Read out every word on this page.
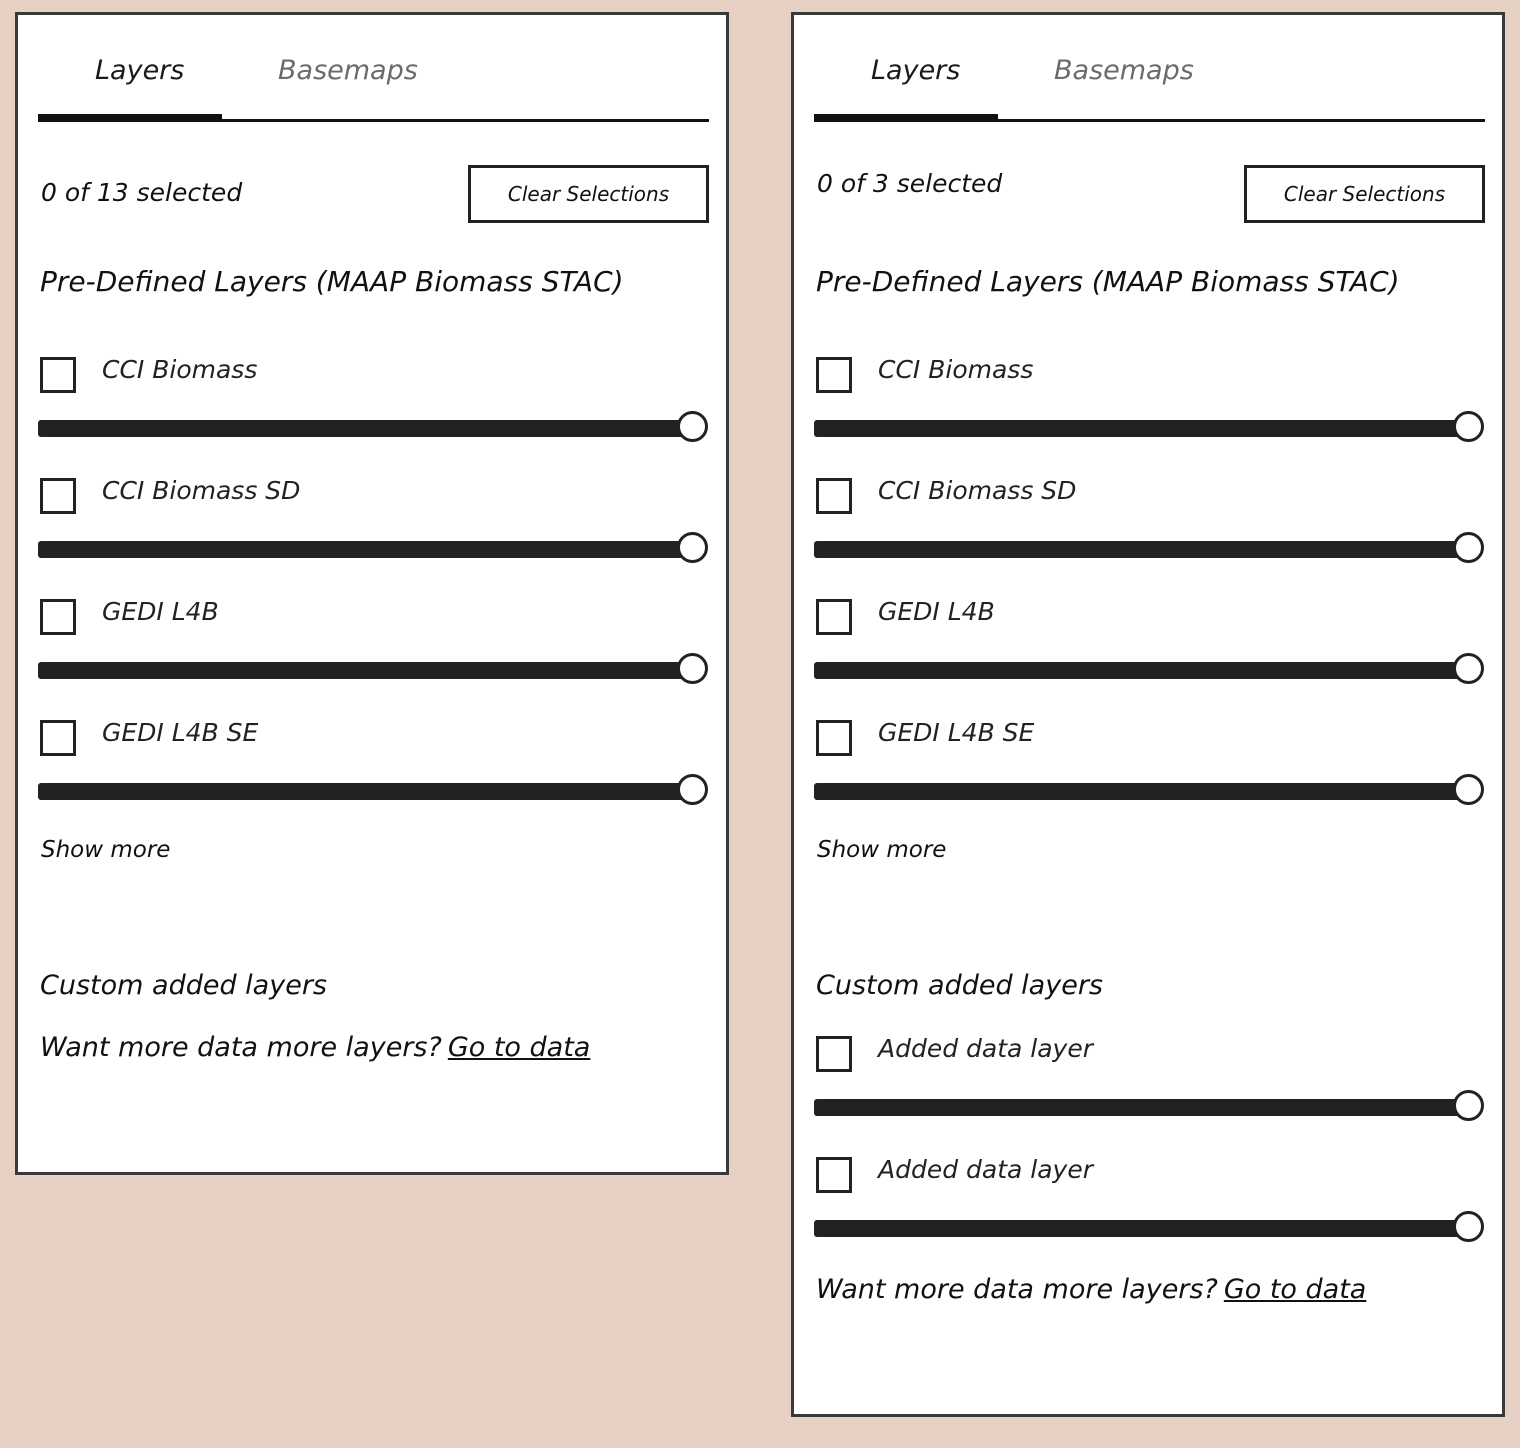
Layers	Basemaps
0 of 13 selected	Clear Selections
Pre-Defined Layers (MAAP Biomass STAC)
CCI Biomass
CCI Biomass SD
GEDI L4B
GEDI L4B SE
Show more
Custom added layers
Want more data more layers? Go to data
Layers	Basemaps
0 of 3 selected	Clear Selections
Pre-Defined Layers (MAAP Biomass STAC)
CCI Biomass
CCI Biomass SD
GEDI L4B
GEDI L4B SE
Show more
Custom added layers
Added data layer
Added data layer
Want more data more layers? Go to data
